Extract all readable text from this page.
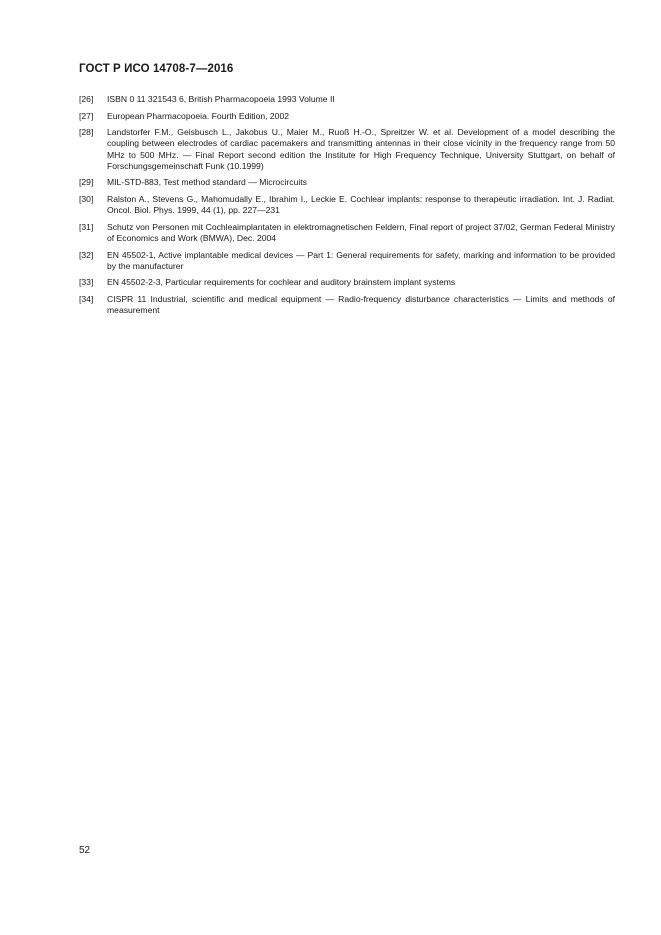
ГОСТ Р ИСО 14708-7—2016
[26]	ISBN 0 11 321543 6, British Pharmacopoeia 1993 Volume II
[27]	European Pharmacopoeia. Fourth Edition, 2002
[28]	Landstorfer F.M., Geisbusch L., Jakobus U., Maier M., Ruoß H.-O., Spreitzer W. et al. Development of a model describing the coupling between electrodes of cardiac pacemakers and transmitting antennas in their close vicinity in the frequency range from 50 MHz to 500 MHz. — Final Report second edition the Institute for High Frequency Technique, University Stuttgart, on behalf of Forschungsgemeinschaft Funk (10.1999)
[29]	MIL-STD-883, Test method standard — Microcircuits
[30]	Ralston A., Stevens G., Mahomudally E., Ibrahim I., Leckie E. Cochlear implants: response to therapeutic irradiation. Int. J. Radiat. Oncol. Biol. Phys. 1999, 44 (1), pp. 227—231
[31]	Schutz von Personen mit Cochleaimplantaten in elektromagnetischen Feldern, Final report of project 37/02, German Federal Ministry of Economics and Work (BMWA), Dec. 2004
[32]	EN 45502-1, Active implantable medical devices — Part 1: General requirements for safety, marking and information to be provided by the manufacturer
[33]	EN 45502-2-3, Particular requirements for cochlear and auditory brainstem implant systems
[34]	CISPR 11 Industrial, scientific and medical equipment — Radio-frequency disturbance characteristics — Limits and methods of measurement
52
